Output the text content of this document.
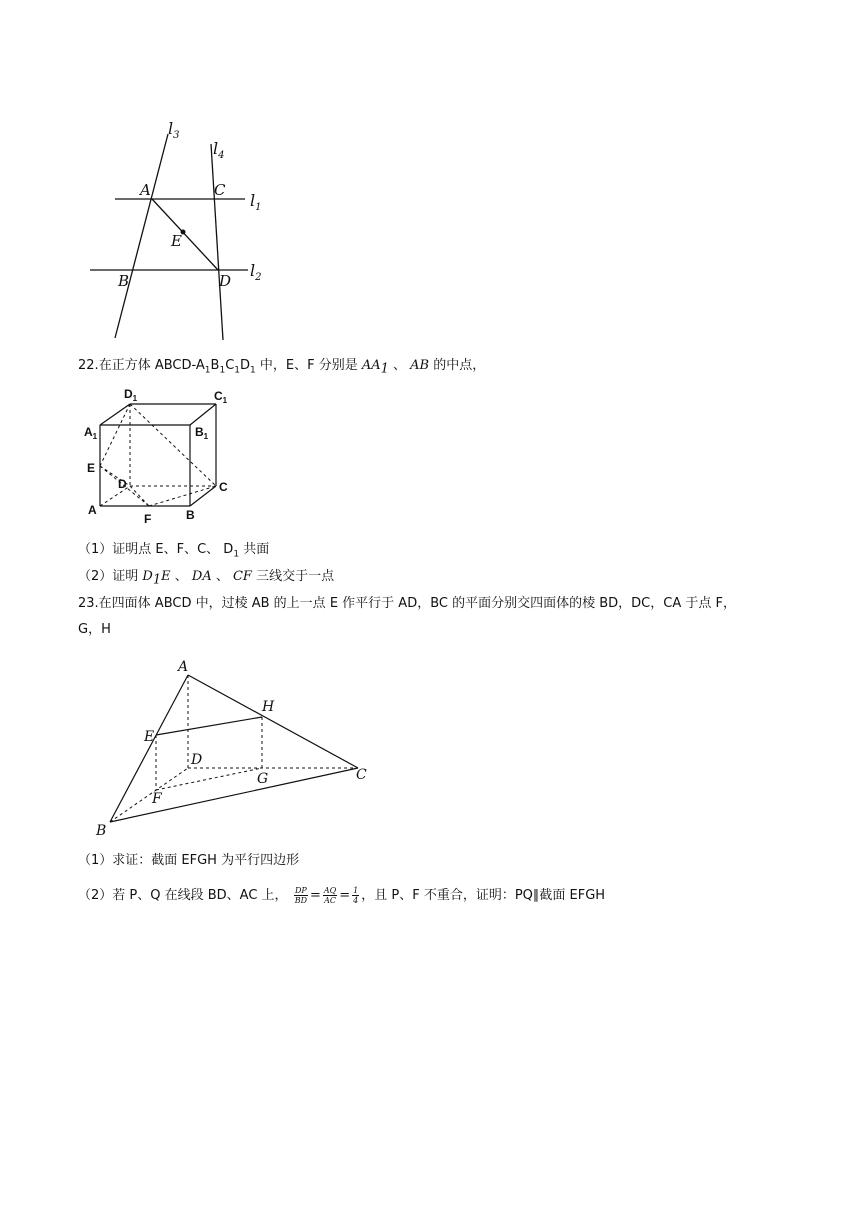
$l_3$
$l_4$
A	C
$l_1$
E
B	D
$l_2$
22.在正方体 ABCD-$A_1B_1C_1D_1$ 中，E、F 分别是 $AA_1$ 、 AB 的中点，
$D_1$	$C_1$
$A_1$	$B_1$
E
D	C
A
F	B
（1）证明点 E、F、C、 $D_1$ 共面
（2）证明 $D_1E$ 、 DA 、 CF 三线交于一点
23.在四面体 ABCD 中，过棱 AB 的上一点 E 作平行于 AD，BC 的平面分别交四面体的棱 BD，DC，CA 于点 F，
G，H
A
H
E
D
G	C
F
B
（1）求证：截面 EFGH 为平行四边形
（2）若 P、Q 在线段 BD、AC 上， $\frac{DP}{BD} = \frac{AQ}{AC} = \frac{1}{4}$ ，且 P、F 不重合，证明：PQ∥截面 EFGH
